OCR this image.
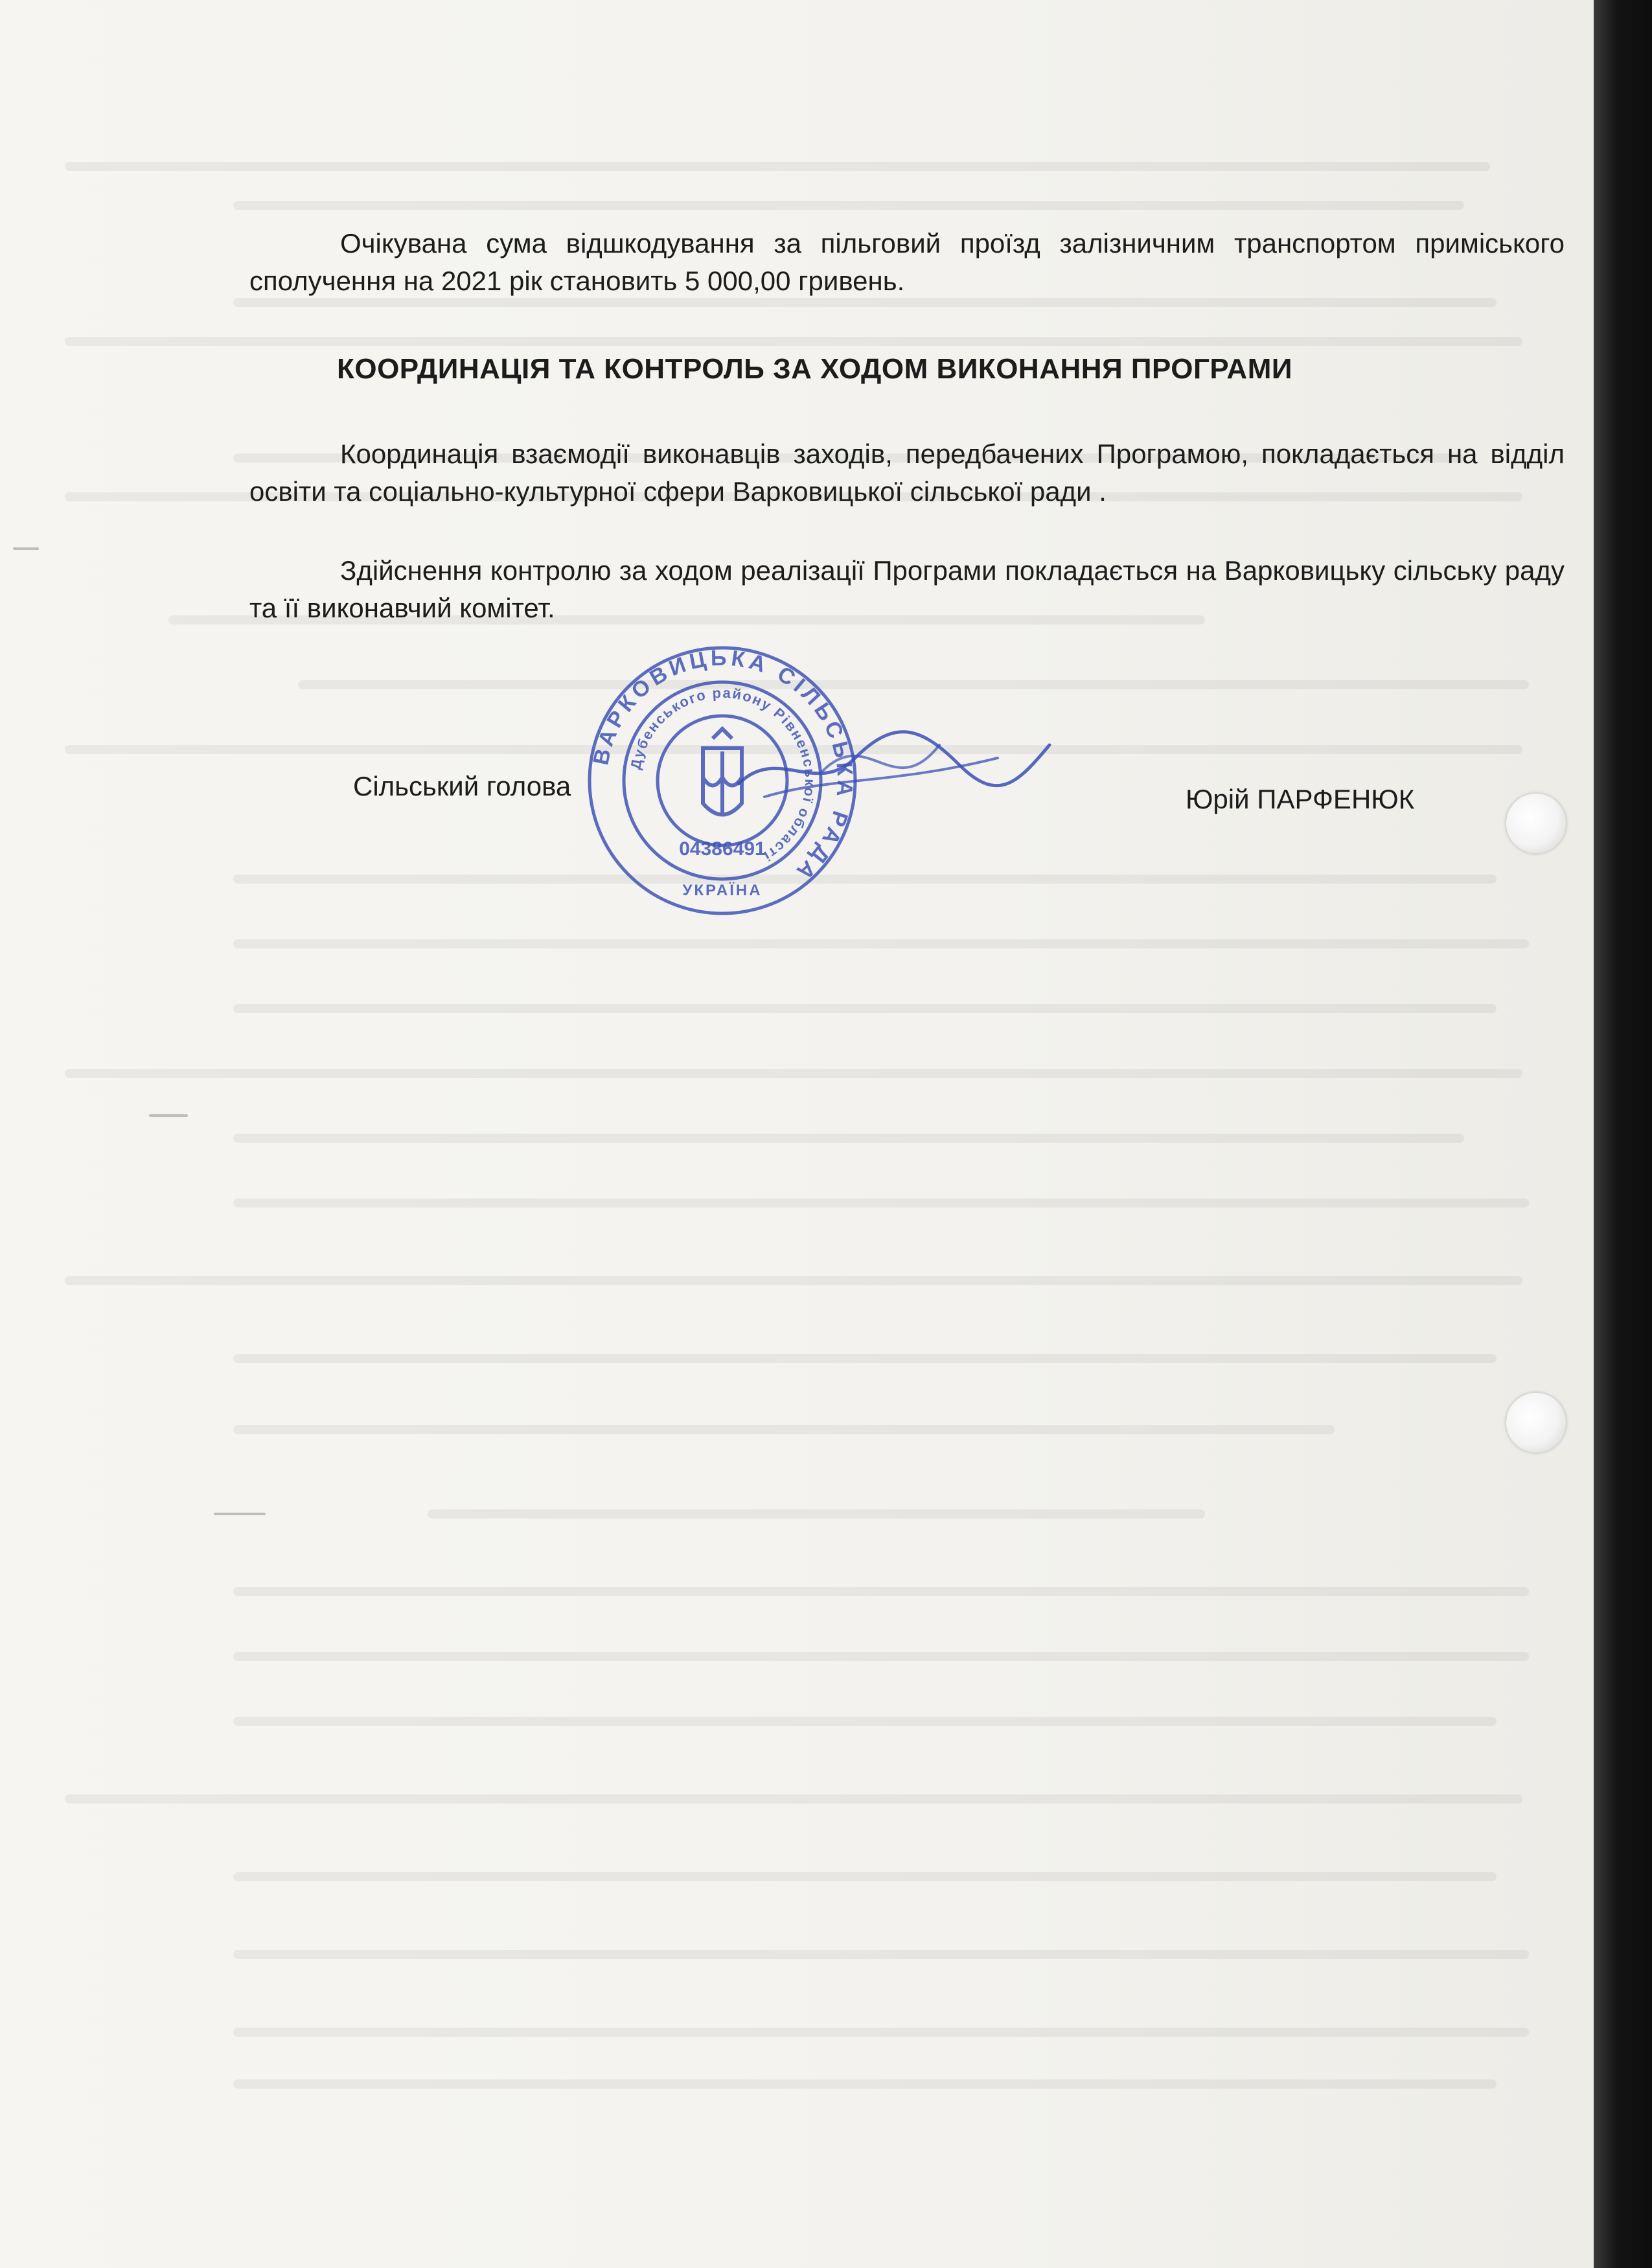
Очікувана сума відшкодування за пільговий проїзд залізничним транспортом приміського сполучення на 2021 рік становить 5 000,00 гривень.

КООРДИНАЦІЯ ТА КОНТРОЛЬ ЗА ХОДОМ ВИКОНАННЯ ПРОГРАМИ

Координація взаємодії виконавців заходів, передбачених Програмою, покладається на відділ освіти та соціально-культурної сфери Варковицької сільської ради .

Здійснення контролю за ходом реалізації Програми покладається на Варковицьку сільську раду та її виконавчий комітет.

Сільський голова	Юрій ПАРФЕНЮК
ВАРКОВИЦЬКА СІЛЬСЬКА РАДА
Дубенського району Рівненської області
04386491
УКРАЇНА
